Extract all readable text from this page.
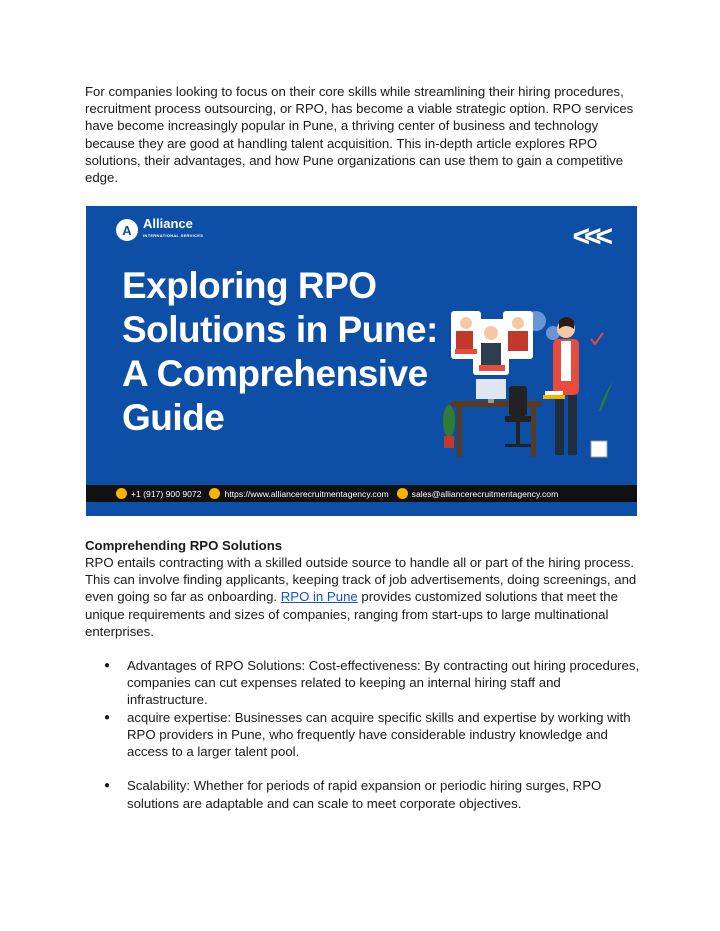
For companies looking to focus on their core skills while streamlining their hiring procedures, recruitment process outsourcing, or RPO, has become a viable strategic option. RPO services have become increasingly popular in Pune, a thriving center of business and technology because they are good at handling talent acquisition. This in-depth article explores RPO solutions, their advantages, and how Pune organizations can use them to gain a competitive edge.

A Alliance
INTERNATIONAL SERVICES	<<<
Exploring RPO Solutions in Pune: A Comprehensive Guide
+1 (917) 900 9072	https://www.alliancerecruitmentagency.com	sales@alliancerecruitmentagency.com

Comprehending RPO Solutions

RPO entails contracting with a skilled outside source to handle all or part of the hiring process. This can involve finding applicants, keeping track of job advertisements, doing screenings, and even going so far as onboarding. RPO in Pune provides customized solutions that meet the unique requirements and sizes of companies, ranging from start-ups to large multinational enterprises.

● Advantages of RPO Solutions: Cost-effectiveness: By contracting out hiring procedures, companies can cut expenses related to keeping an internal hiring staff and infrastructure.
● acquire expertise: Businesses can acquire specific skills and expertise by working with RPO providers in Pune, who frequently have considerable industry knowledge and access to a larger talent pool.
● Scalability: Whether for periods of rapid expansion or periodic hiring surges, RPO solutions are adaptable and can scale to meet corporate objectives.
